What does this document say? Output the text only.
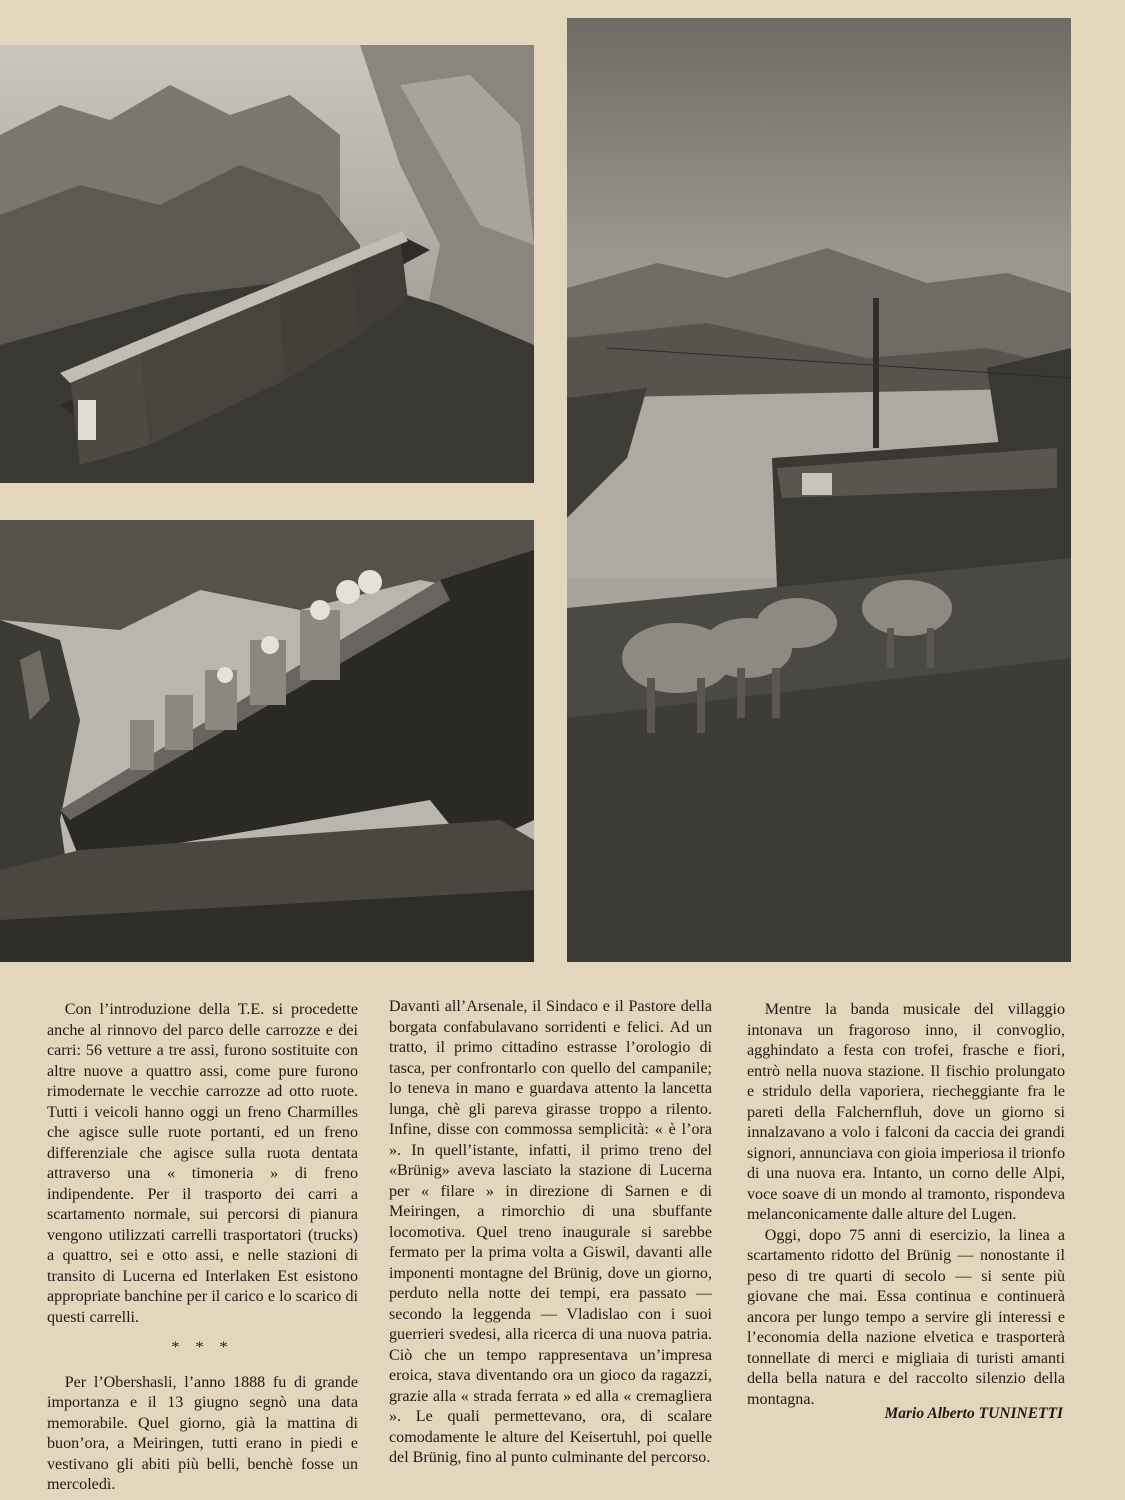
Con l’introduzione della T.E. si procedette anche al rinnovo del parco delle carrozze e dei carri: 56 vetture a tre assi, furono sostituite con altre nuove a quattro assi, come pure furono rimodernate le vecchie carrozze ad otto ruote. Tutti i veicoli hanno oggi un freno Charmilles che agisce sulle ruote portanti, ed un freno differenziale che agisce sulla ruota dentata attraverso una « timoneria » di freno indipendente. Per il trasporto dei carri a scartamento normale, sui percorsi di pianura vengono utilizzati carrelli trasportatori (trucks) a quattro, sei e otto assi, e nelle stazioni di transito di Lucerna ed Interlaken Est esistono appropriate banchine per il carico e lo scarico di questi carrelli.

* * *

Per l’Obershasli, l’anno 1888 fu di grande importanza e il 13 giugno segnò una data memorabile. Quel giorno, già la mattina di buon’ora, a Meiringen, tutti erano in piedi e vestivano gli abiti più belli, benchè fosse un mercoledì.

Davanti all’Arsenale, il Sindaco e il Pastore della borgata confabulavano sorridenti e felici. Ad un tratto, il primo cittadino estrasse l’orologio di tasca, per confrontarlo con quello del campanile; lo teneva in mano e guardava attento la lancetta lunga, chè gli pareva girasse troppo a rilento. Infine, disse con commossa semplicità: « è l’ora ». In quell’istante, infatti, il primo treno del «Brünig» aveva lasciato la stazione di Lucerna per « filare » in direzione di Sarnen e di Meiringen, a rimorchio di una sbuffante locomotiva. Quel treno inaugurale si sarebbe fermato per la prima volta a Giswil, davanti alle imponenti montagne del Brünig, dove un giorno, perduto nella notte dei tempi, era passato — secondo la leggenda — Vladislao con i suoi guerrieri svedesi, alla ricerca di una nuova patria. Ciò che un tempo rappresentava un’impresa eroica, stava diventando ora un gioco da ragazzi, grazie alla « strada ferrata » ed alla « cremagliera ». Le quali permettevano, ora, di scalare comodamente le alture del Keisertuhl, poi quelle del Brünig, fino al punto culminante del percorso.

Mentre la banda musicale del villaggio intonava un fragoroso inno, il convoglio, agghindato a festa con trofei, frasche e fiori, entrò nella nuova stazione. Il fischio prolungato e stridulo della vaporiera, riecheggiante fra le pareti della Falchernfluh, dove un giorno si innalzavano a volo i falconi da caccia dei grandi signori, annunciava con gioia imperiosa il trionfo di una nuova era. Intanto, un corno delle Alpi, voce soave di un mondo al tramonto, rispondeva melanconicamente dalle alture del Lugen.

Oggi, dopo 75 anni di esercizio, la linea a scartamento ridotto del Brünig — nonostante il peso di tre quarti di secolo — si sente più giovane che mai. Essa continua e continuerà ancora per lungo tempo a servire gli interessi e l’economia della nazione elvetica e trasporterà tonnellate di merci e migliaia di turisti amanti della bella natura e del raccolto silenzio della montagna.

Mario Alberto TUNINETTI
